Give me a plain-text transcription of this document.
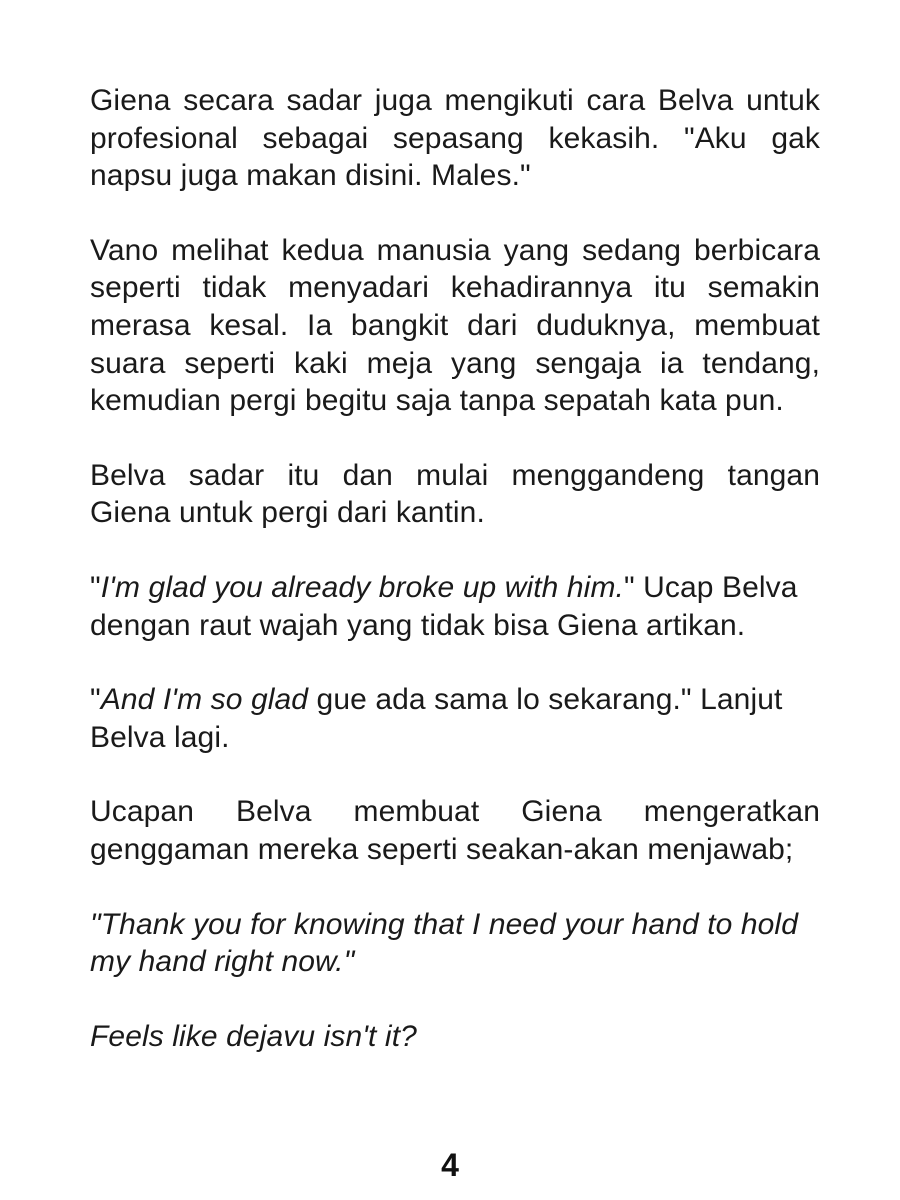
Giena secara sadar juga mengikuti cara Belva untuk profesional sebagai sepasang kekasih. "Aku gak napsu juga makan disini. Males."

Vano melihat kedua manusia yang sedang berbicara seperti tidak menyadari kehadirannya itu semakin merasa kesal. Ia bangkit dari duduknya, membuat suara seperti kaki meja yang sengaja ia tendang, kemudian pergi begitu saja tanpa sepatah kata pun.

Belva sadar itu dan mulai menggandeng tangan Giena untuk pergi dari kantin.

"I'm glad you already broke up with him." Ucap Belva dengan raut wajah yang tidak bisa Giena artikan.

"And I'm so glad gue ada sama lo sekarang." Lanjut Belva lagi.

Ucapan Belva membuat Giena mengeratkan genggaman mereka seperti seakan-akan menjawab;

"Thank you for knowing that I need your hand to hold my hand right now."

Feels like dejavu isn't it?

4
